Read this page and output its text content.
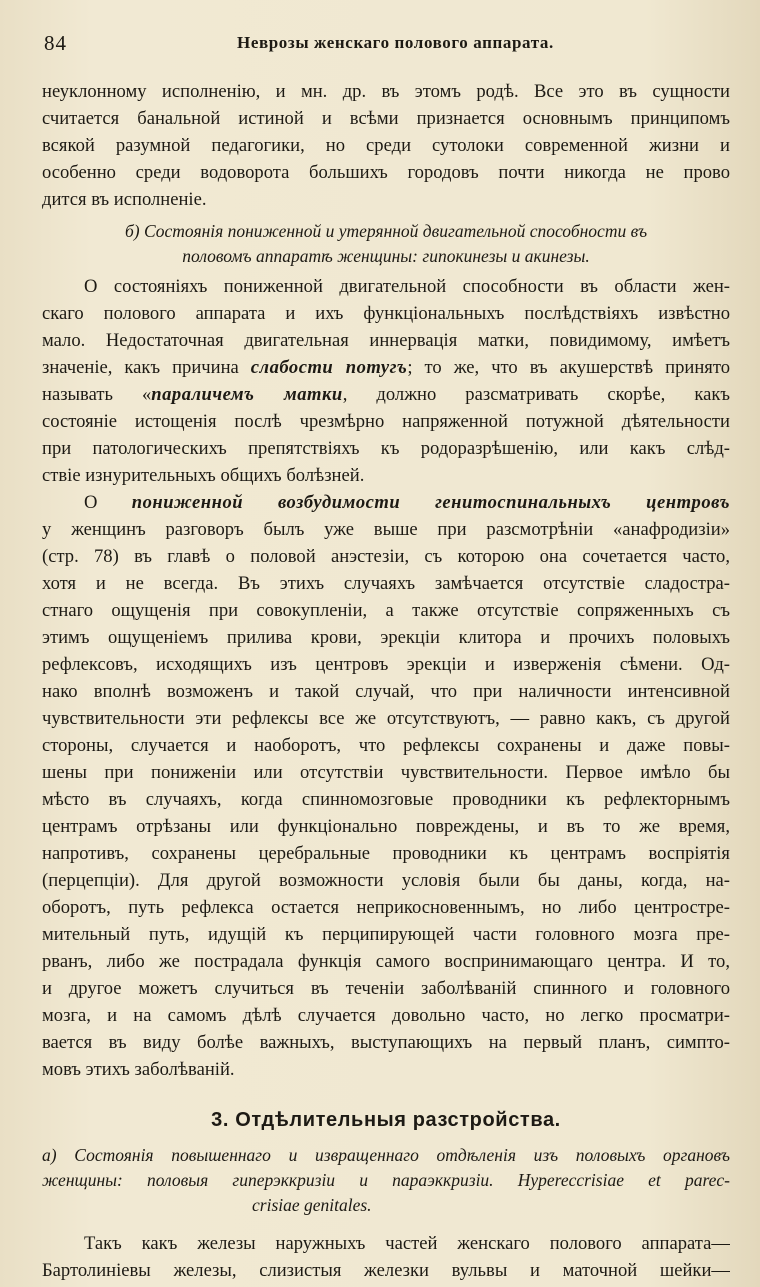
84	Неврозы женскаго полового аппарата.
неуклонному исполненію, и мн. др. въ этомъ родѣ. Все это въ сущности
считается банальной истиной и всѣми признается основнымъ принципомъ
всякой разумной педагогики, но среди сутолоки современной жизни и
особенно среди водоворота большихъ городовъ почти никогда не прово
дится въ исполненіе.
б) Состоянія пониженной и утерянной двигательной способности въ
половомъ аппаратѣ женщины: гипокинезы и акинезы.
О состояніяхъ пониженной двигательной способности въ области жен-
скаго полового аппарата и ихъ функціональныхъ послѣдствіяхъ извѣстно
мало. Недостаточная двигательная иннервація матки, повидимому, имѣетъ
значеніе, какъ причина слабости потугъ; то же, что въ акушерствѣ принято
называть «параличемъ матки, должно разсматривать скорѣе, какъ
состояніе истощенія послѣ чрезмѣрно напряженной потужной дѣятельности
при патологическихъ препятствіяхъ къ родоразрѣшенію, или какъ слѣд-
ствіе изнурительныхъ общихъ болѣзней.
О пониженной возбудимости генитоспинальныхъ центровъ
у женщинъ разговоръ былъ уже выше при разсмотрѣніи «анафродизіи»
(стр. 78) въ главѣ о половой анэстезіи, съ которою она сочетается часто,
хотя и не всегда. Въ этихъ случаяхъ замѣчается отсутствіе сладостра-
стнаго ощущенія при совокупленіи, а также отсутствіе сопряженныхъ съ
этимъ ощущеніемъ прилива крови, эрекціи клитора и прочихъ половыхъ
рефлексовъ, исходящихъ изъ центровъ эрекціи и изверженія сѣмени. Од-
нако вполнѣ возможенъ и такой случай, что при наличности интенсивной
чувствительности эти рефлексы все же отсутствуютъ, — равно какъ, съ другой
стороны, случается и наоборотъ, что рефлексы сохранены и даже повы-
шены при пониженіи или отсутствіи чувствительности. Первое имѣло бы
мѣсто въ случаяхъ, когда спинномозговые проводники къ рефлекторнымъ
центрамъ отрѣзаны или функціонально повреждены, и въ то же время,
напротивъ, сохранены церебральные проводники къ центрамъ воспріятія
(перцепціи). Для другой возможности условія были бы даны, когда, на-
оборотъ, путь рефлекса остается неприкосновеннымъ, но либо центростре-
мительный путь, идущій къ перципирующей части головного мозга пре-
рванъ, либо же пострадала функція самого воспринимающаго центра. И то,
и другое можетъ случиться въ теченіи заболѣваній спинного и головного
мозга, и на самомъ дѣлѣ случается довольно часто, но легко просматри-
вается въ виду болѣе важныхъ, выступающихъ на первый планъ, симпто-
мовъ этихъ заболѣваній.
3. Отдѣлительныя разстройства.
а) Состоянія повышеннаго и извращеннаго отдѣленія изъ половыхъ органовъ
женщины: половыя гиперэккризіи и параэккризіи. Hypereccrisiae et parec-
crisiae genitales.
Такъ какъ железы наружныхъ частей женскаго полового аппарата—
Бартолиніевы железы, слизистыя железки вульвы и маточной шейки—
